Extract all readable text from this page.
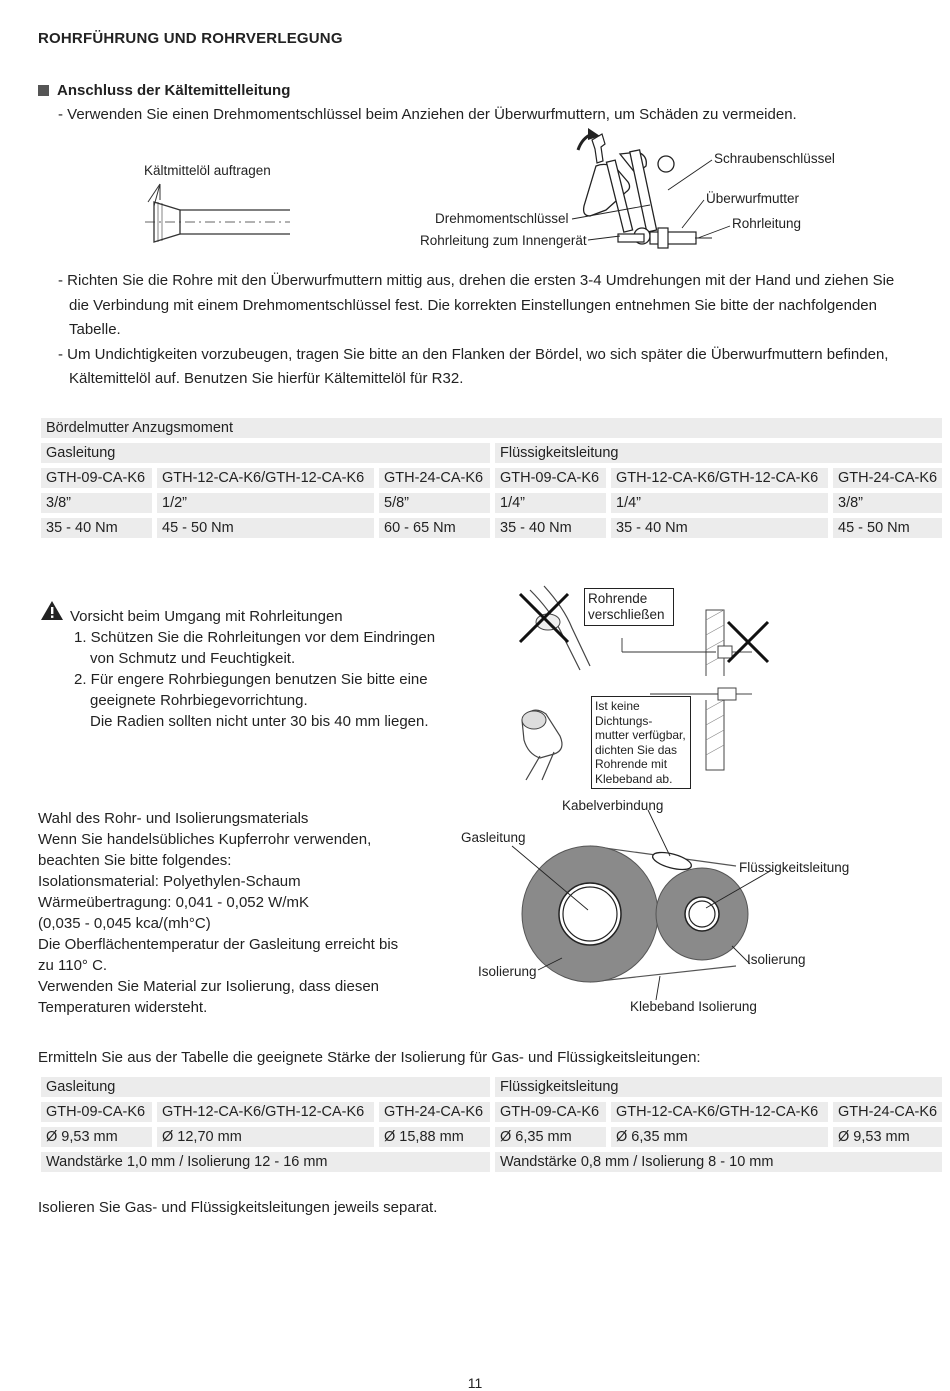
ROHRFÜHRUNG UND ROHRVERLEGUNG
Anschluss der Kältemittelleitung
- Verwenden Sie einen Drehmomentschlüssel beim Anziehen der Überwurfmuttern, um Schäden zu vermeiden.
Kältmittelöl auftragen
Schraubenschlüssel
Überwurfmutter
Rohrleitung
Drehmomentschlüssel
Rohrleitung zum Innengerät
- Richten Sie die Rohre mit den Überwurfmuttern mittig aus, drehen die ersten 3-4 Umdrehungen mit der Hand und ziehen Sie
die Verbindung mit einem Drehmomentschlüssel fest. Die korrekten Einstellungen entnehmen Sie bitte der nachfolgenden
Tabelle.
- Um Undichtigkeiten vorzubeugen, tragen Sie bitte an den Flanken der Bördel, wo sich später die Überwurfmuttern befinden,
Kältemittelöl auf. Benutzen Sie hierfür Kältemittelöl für R32.
Bördelmutter Anzugsmoment					
Gasleitung			Flüssigkeitsleitung		
GTH-09-CA-K6	GTH-12-CA-K6/GTH-12-CA-K6	GTH-24-CA-K6	GTH-09-CA-K6	GTH-12-CA-K6/GTH-12-CA-K6	GTH-24-CA-K6
3/8”	1/2”	5/8”	1/4”	1/4”	3/8”
35 - 40 Nm	45 - 50 Nm	60 - 65 Nm	35 - 40 Nm	35 - 40 Nm	45 - 50 Nm
Vorsicht beim Umgang mit Rohrleitungen
1. Schützen Sie die Rohrleitungen vor dem Eindringen
von Schmutz und Feuchtigkeit.
2. Für engere Rohrbiegungen benutzen Sie bitte eine
geeignete Rohrbiegevorrichtung.
Die Radien sollten nicht unter 30 bis 40 mm liegen.
Rohrende
verschließen
Ist keine Dichtungs-
mutter verfügbar,
dichten Sie das
Rohrende mit
Klebeband ab.
Wahl des Rohr- und Isolierungsmaterials
Wenn Sie handelsübliches Kupferrohr verwenden,
beachten Sie bitte folgendes:
Isolationsmaterial: Polyethylen-Schaum
Wärmeübertragung: 0,041 - 0,052 W/mK
(0,035 - 0,045 kca/(mh°C)
Die Oberflächentemperatur der Gasleitung erreicht bis
zu 110° C.
Verwenden Sie Material zur Isolierung, dass diesen
Temperaturen widersteht.
Kabelverbindung
Gasleitung
Flüssigkeitsleitung
Isolierung
Isolierung
Klebeband Isolierung
Ermitteln Sie aus der Tabelle die geeignete Stärke der Isolierung für Gas- und Flüssigkeitsleitungen:
Gasleitung			Flüssigkeitsleitung		
GTH-09-CA-K6	GTH-12-CA-K6/GTH-12-CA-K6	GTH-24-CA-K6	GTH-09-CA-K6	GTH-12-CA-K6/GTH-12-CA-K6	GTH-24-CA-K6
Ø 9,53 mm	Ø 12,70 mm	Ø 15,88 mm	Ø 6,35 mm	Ø 6,35 mm	Ø 9,53 mm
Wandstärke 1,0 mm / Isolierung 12 - 16 mm			Wandstärke 0,8 mm / Isolierung 8 - 10 mm		
Isolieren Sie Gas- und Flüssigkeitsleitungen jeweils separat.
11
